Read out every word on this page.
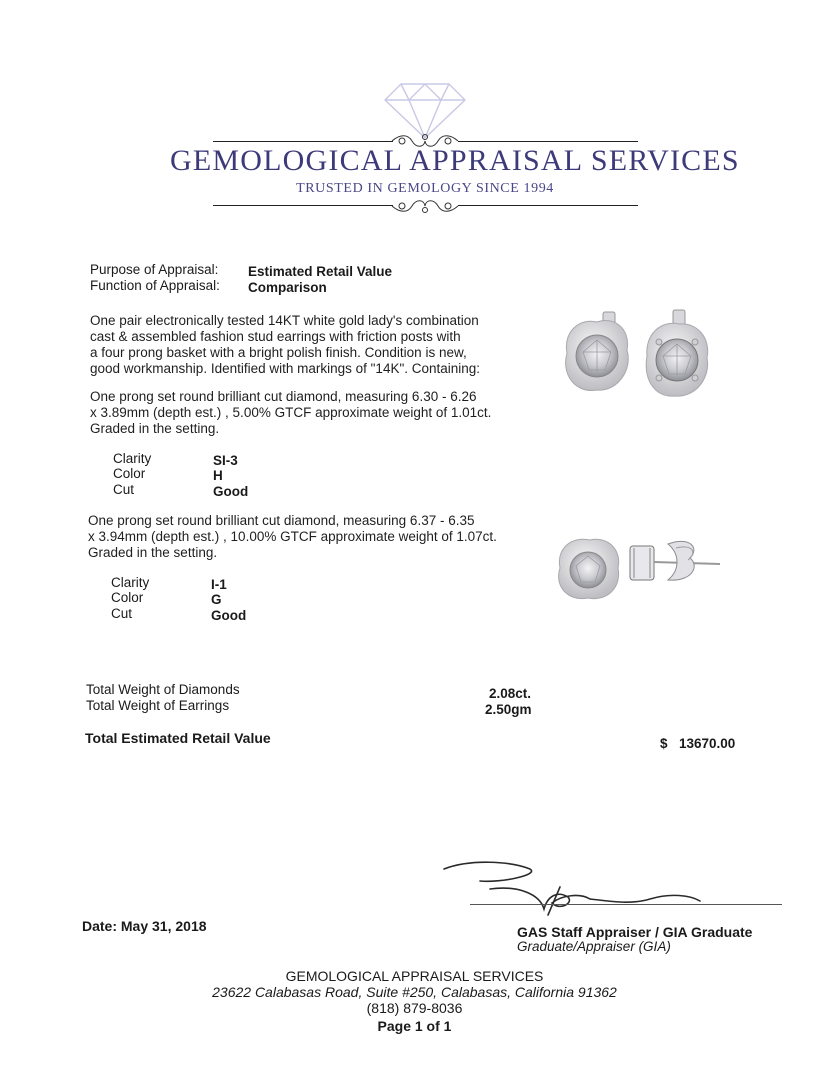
GEMOLOGICAL APPRAISAL SERVICES
TRUSTED IN GEMOLOGY SINCE 1994
Purpose of Appraisal: Estimated Retail Value
Function of Appraisal: Comparison
One pair electronically tested 14KT white gold lady's combination
cast & assembled fashion stud earrings with friction posts with
a four prong basket with a bright polish finish. Condition is new,
good workmanship. Identified with markings of "14K". Containing:
One prong set round brilliant cut diamond, measuring 6.30 - 6.26
x 3.89mm (depth est.) , 5.00% GTCF approximate weight of 1.01ct.
Graded in the setting.
Clarity	SI-3
Color	H
Cut	Good
One prong set round brilliant cut diamond, measuring 6.37 - 6.35
x 3.94mm (depth est.) , 10.00% GTCF approximate weight of 1.07ct.
Graded in the setting.
Clarity	I-1
Color	G
Cut	Good
Total Weight of Diamonds	2.08ct.
Total Weight of Earrings	2.50gm
Total Estimated Retail Value	$ 13670.00
Date: May 31, 2018	GAS Staff Appraiser / GIA Graduate
Graduate/Appraiser (GIA)
GEMOLOGICAL APPRAISAL SERVICES
23622 Calabasas Road, Suite #250, Calabasas, California 91362
(818) 879-8036
Page 1 of 1
